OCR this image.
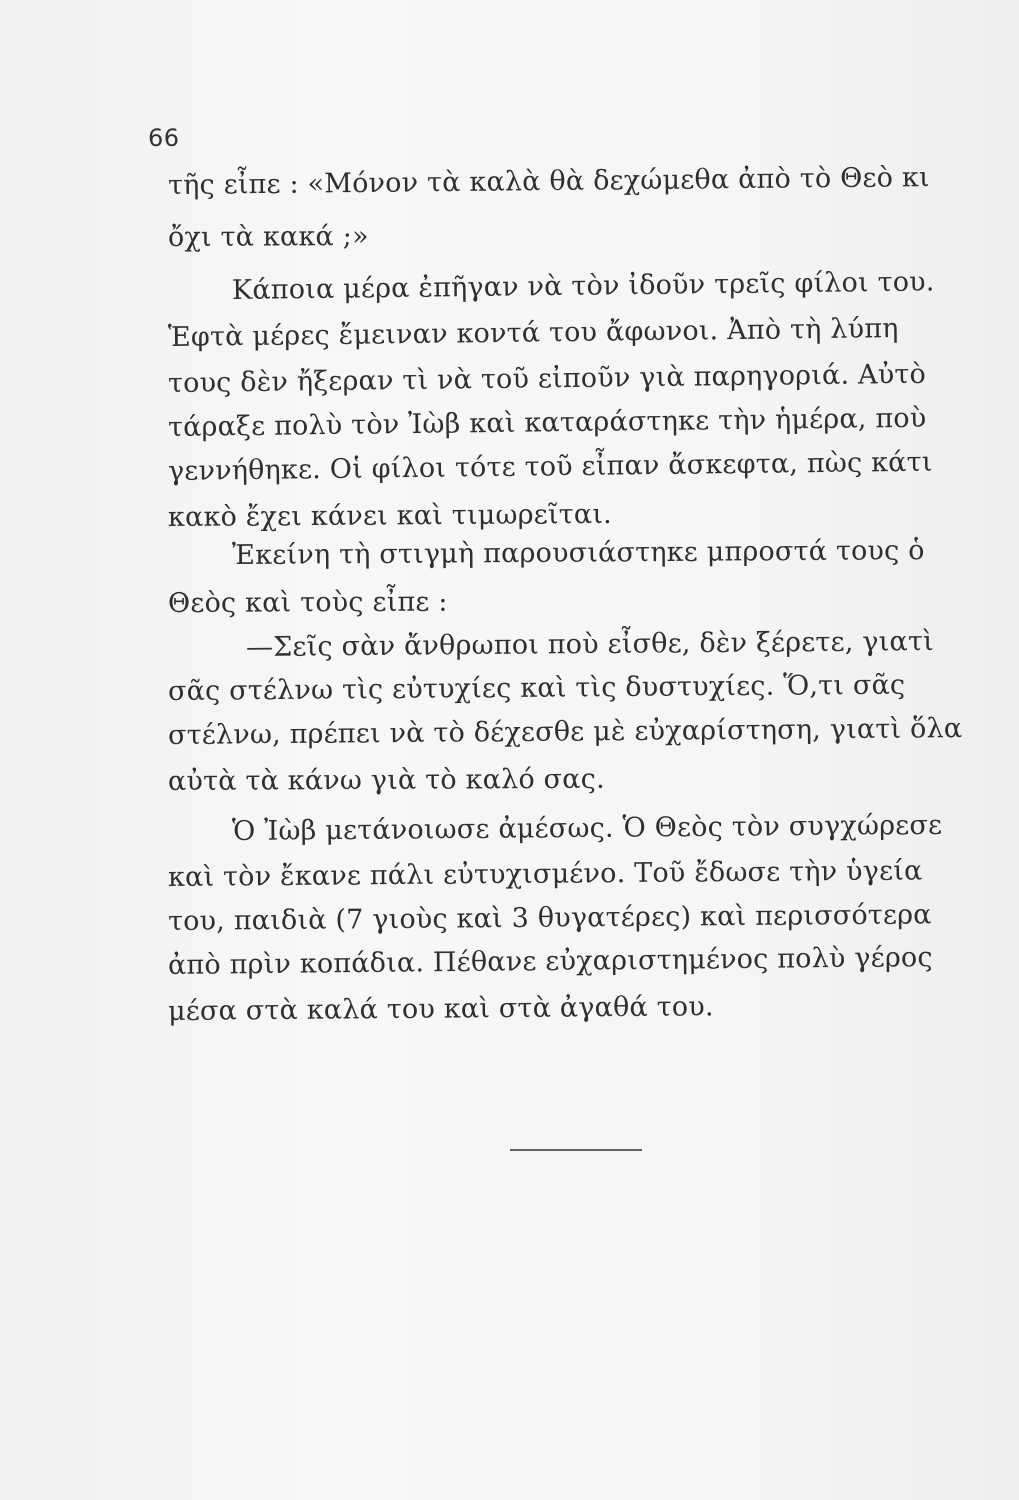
66
τῆς εἶπε : «Μόνον τὰ καλὰ θὰ δεχώμεθα ἀπὸ τὸ Θεὸ κι
ὄχι τὰ κακά ;»
Κάποια μέρα ἐπῆγαν νὰ τὸν ἰδοῦν τρεῖς φίλοι του.
Ἑφτὰ μέρες ἔμειναν κοντά του ἄφωνοι. Ἀπὸ τὴ λύπη
τους δὲν ἤξεραν τὶ νὰ τοῦ εἰποῦν γιὰ παρηγοριά. Αὐτὸ
τάραξε πολὺ τὸν Ἰὼβ καὶ καταράστηκε τὴν ἡμέρα, ποὺ
γεννήθηκε. Οἱ φίλοι τότε τοῦ εἶπαν ἄσκεφτα, πὼς κάτι
κακὸ ἔχει κάνει καὶ τιμωρεῖται.
Ἐκείνη τὴ στιγμὴ παρουσιάστηκε μπροστά τους ὁ
Θεὸς καὶ τοὺς εἶπε :
—Σεῖς σὰν ἄνθρωποι ποὺ εἶσθε, δὲν ξέρετε, γιατὶ
σᾶς στέλνω τὶς εὐτυχίες καὶ τὶς δυστυχίες. Ὅ,τι σᾶς
στέλνω, πρέπει νὰ τὸ δέχεσθε μὲ εὐχαρίστηση, γιατὶ ὅλα
αὐτὰ τὰ κάνω γιὰ τὸ καλό σας.
Ὁ Ἰὼβ μετάνοιωσε ἀμέσως. Ὁ Θεὸς τὸν συγχώρεσε
καὶ τὸν ἔκανε πάλι εὐτυχισμένο. Τοῦ ἔδωσε τὴν ὑγεία
του, παιδιὰ (7 γιοὺς καὶ 3 θυγατέρες) καὶ περισσότερα
ἀπὸ πρὶν κοπάδια. Πέθανε εὐχαριστημένος πολὺ γέρος
μέσα στὰ καλά του καὶ στὰ ἀγαθά του.
